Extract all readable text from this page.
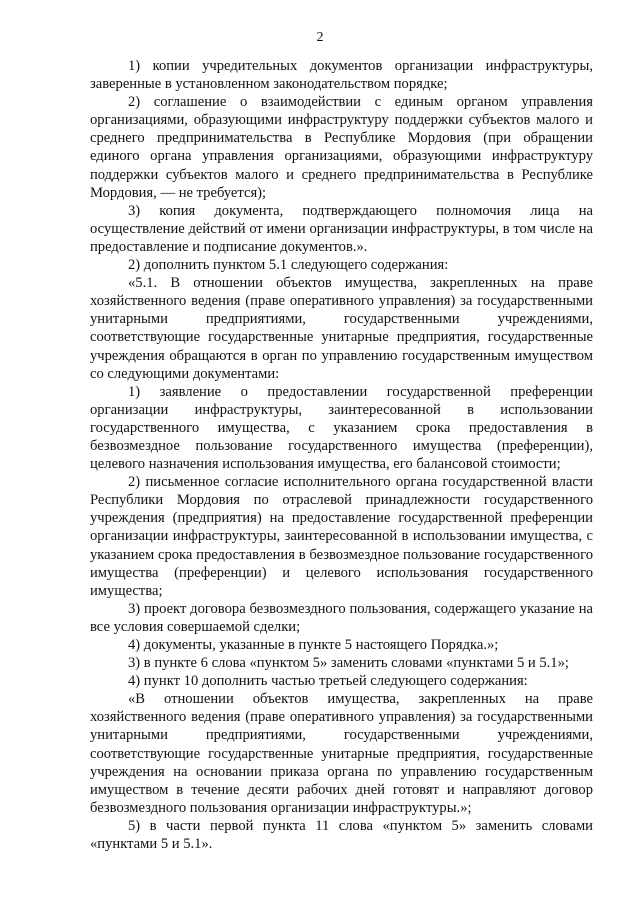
2

1) копии учредительных документов организации инфраструктуры, заверенные в установленном законодательством порядке;

2) соглашение о взаимодействии с единым органом управления организациями, образующими инфраструктуру поддержки субъектов малого и среднего предпринимательства в Республике Мордовия (при обращении единого органа управления организациями, образующими инфраструктуру поддержки субъектов малого и среднего предпринимательства в Республике Мордовия, — не требуется);

3) копия документа, подтверждающего полномочия лица на осуществление действий от имени организации инфраструктуры, в том числе на предоставление и подписание документов.».

2) дополнить пунктом 5.1 следующего содержания:

«5.1. В отношении объектов имущества, закрепленных на праве хозяйственного ведения (праве оперативного управления) за государственными унитарными предприятиями, государственными учреждениями, соответствующие государственные унитарные предприятия, государственные учреждения обращаются в орган по управлению государственным имуществом со следующими документами:

1) заявление о предоставлении государственной преференции организации инфраструктуры, заинтересованной в использовании государственного имущества, с указанием срока предоставления в безвозмездное пользование государственного имущества (преференции), целевого назначения использования имущества, его балансовой стоимости;

2) письменное согласие исполнительного органа государственной власти Республики Мордовия по отраслевой принадлежности государственного учреждения (предприятия) на предоставление государственной преференции организации инфраструктуры, заинтересованной в использовании имущества, с указанием срока предоставления в безвозмездное пользование государственного имущества (преференции) и целевого использования государственного имущества;

3) проект договора безвозмездного пользования, содержащего указание на все условия совершаемой сделки;

4) документы, указанные в пункте 5 настоящего Порядка.»;

3) в пункте 6 слова «пунктом 5» заменить словами «пунктами 5 и 5.1»;

4) пункт 10 дополнить частью третьей следующего содержания:

«В отношении объектов имущества, закрепленных на праве хозяйственного ведения (праве оперативного управления) за государственными унитарными предприятиями, государственными учреждениями, соответствующие государственные унитарные предприятия, государственные учреждения на основании приказа органа по управлению государственным имуществом в течение десяти рабочих дней готовят и направляют договор безвозмездного пользования организации инфраструктуры.»;

5) в части первой пункта 11 слова «пунктом 5» заменить словами «пунктами 5 и 5.1».
